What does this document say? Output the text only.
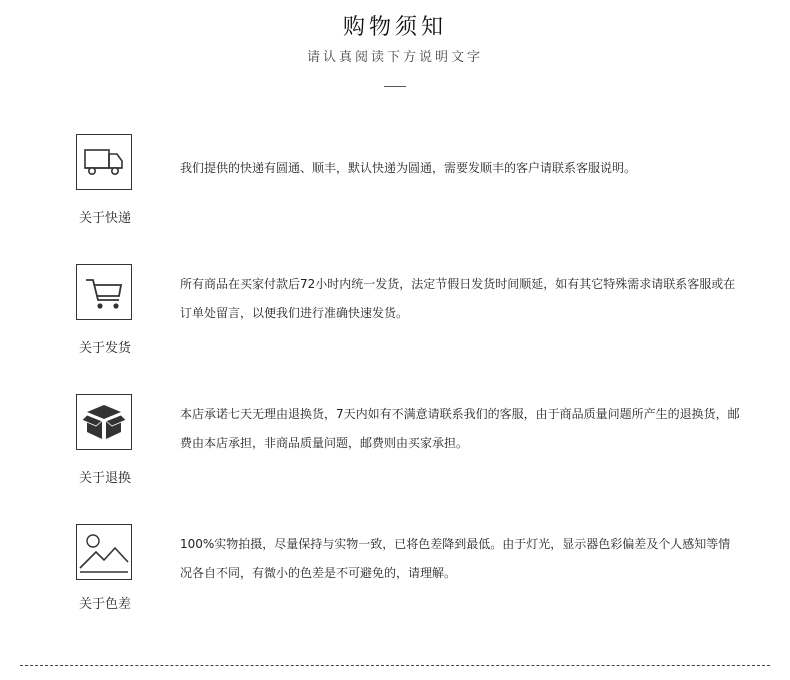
购物须知
请认真阅读下方说明文字
关于快递

我们提供的快递有圆通、顺丰，默认快递为圆通，需要发顺丰的客户请联系客服说明。

关于发货

所有商品在买家付款后72小时内统一发货，法定节假日发货时间顺延，如有其它特殊需求请联系客服或在订单处留言，以便我们进行准确快速发货。

关于退换

本店承诺七天无理由退换货，7天内如有不满意请联系我们的客服，由于商品质量问题所产生的退换货，邮费由本店承担，非商品质量问题，邮费则由买家承担。

关于色差

100%实物拍摄，尽量保持与实物一致，已将色差降到最低。由于灯光，显示器色彩偏差及个人感知等情况各自不同，有微小的色差是不可避免的，请理解。
